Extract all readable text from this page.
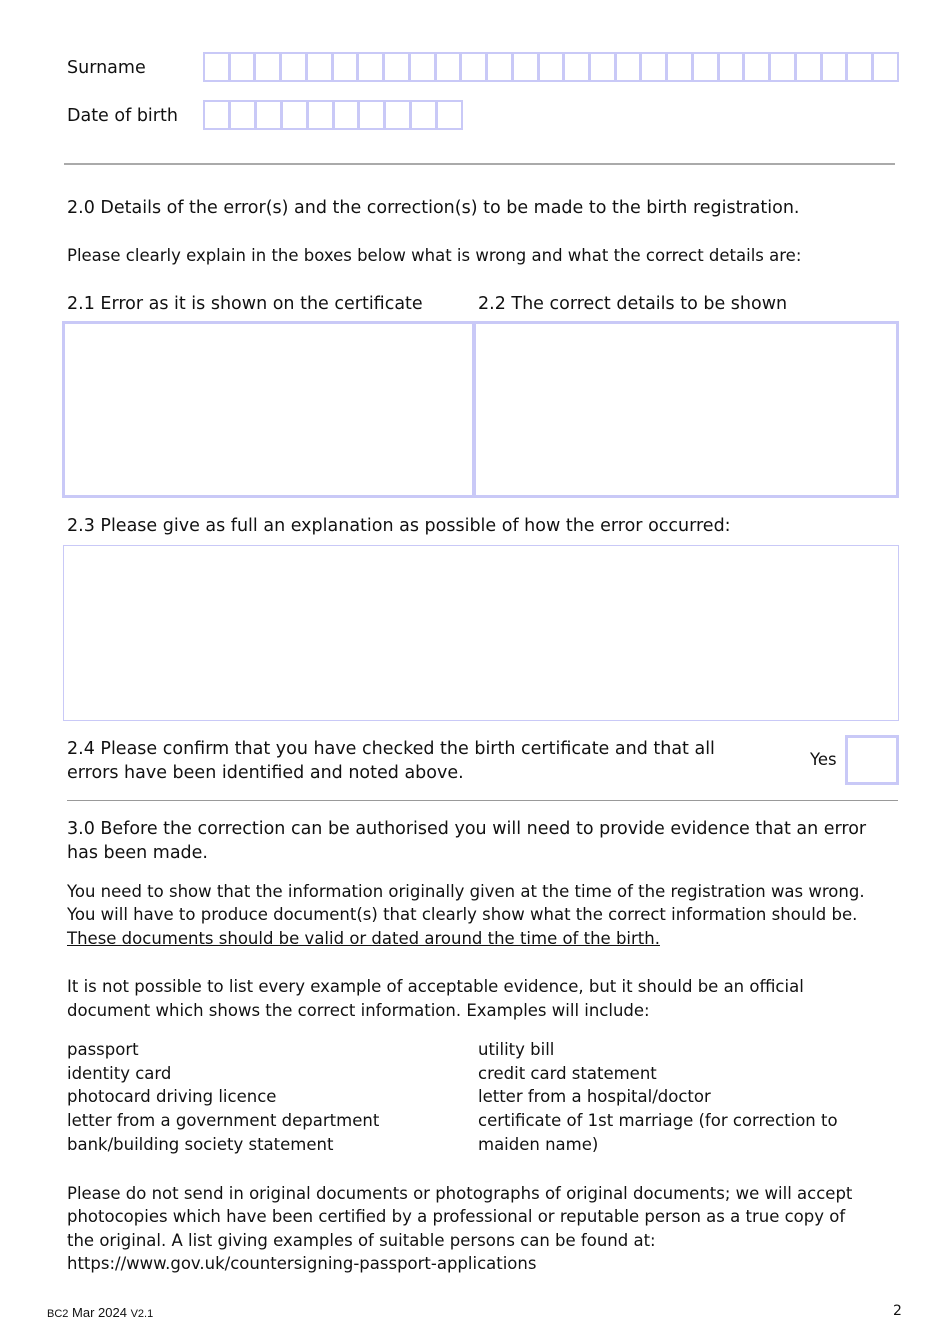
Surname
Date of birth
2.0 Details of the error(s) and the correction(s) to be made to the birth registration.
Please clearly explain in the boxes below what is wrong and what the correct details are:
2.1 Error as it is shown on the certificate	2.2 The correct details to be shown
2.3 Please give as full an explanation as possible of how the error occurred:
2.4 Please confirm that you have checked the birth certificate and that all
errors have been identified and noted above.
Yes
3.0 Before the correction can be authorised you will need to provide evidence that an error
has been made.
You need to show that the information originally given at the time of the registration was wrong.
You will have to produce document(s) that clearly show what the correct information should be.
These documents should be valid or dated around the time of the birth.
It is not possible to list every example of acceptable evidence, but it should be an official
document which shows the correct information. Examples will include:
passport
identity card
photocard driving licence
letter from a government department
bank/building society statement
utility bill
credit card statement
letter from a hospital/doctor
certificate of 1st marriage (for correction to
maiden name)
Please do not send in original documents or photographs of original documents; we will accept
photocopies which have been certified by a professional or reputable person as a true copy of
the original. A list giving examples of suitable persons can be found at:
https://www.gov.uk/countersigning-passport-applications
BC2 Mar 2024 V2.1	2
